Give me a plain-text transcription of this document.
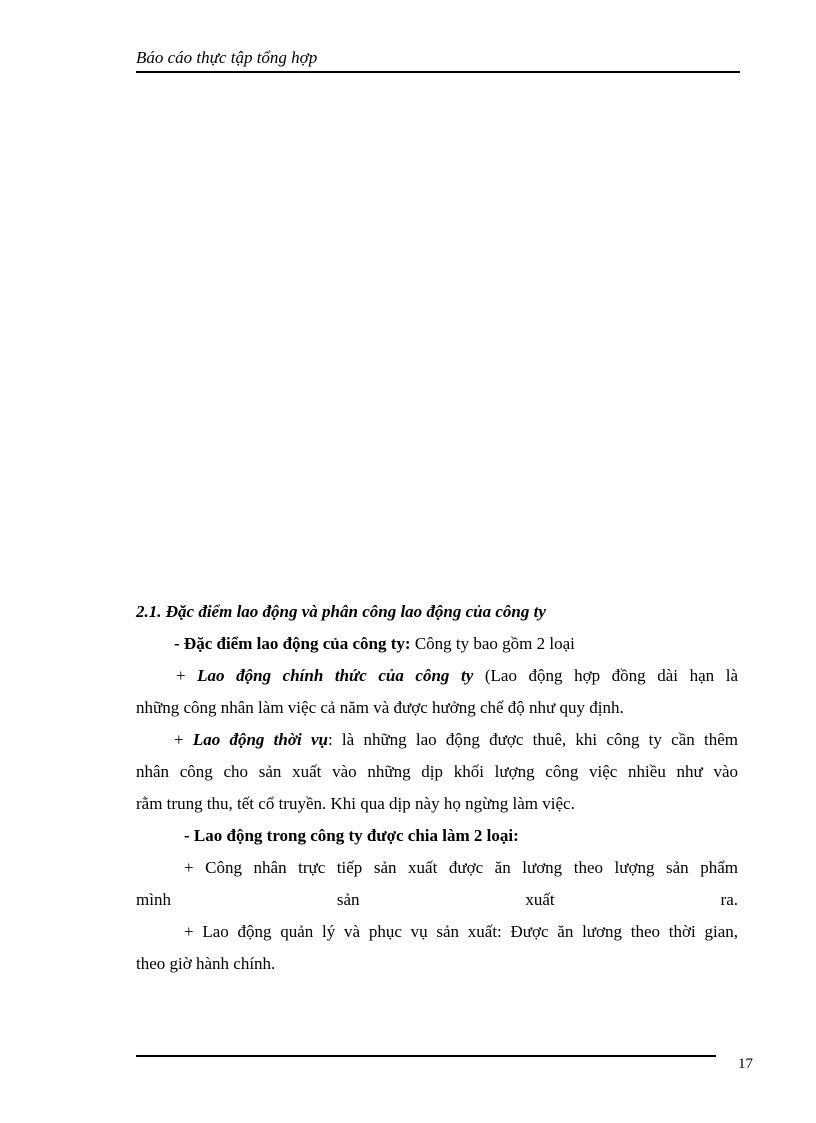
Báo cáo thực tập tổng hợp
2.1. Đặc điểm lao động và phân công lao động của công ty
- Đặc điểm lao động của công ty: Công ty bao gồm 2 loại
+ Lao động chính thức của công ty (Lao động hợp đồng dài hạn là
những công nhân làm việc cả năm và được hưởng chế độ như quy định.
+ Lao động thời vụ: là những lao động được thuê, khi công ty cần thêm
nhân công cho sản xuất vào những dịp khối lượng công việc nhiều như vào
rằm trung thu, tết cổ truyền. Khi qua dịp này họ ngừng làm việc.
- Lao động trong công ty được chia làm 2 loại:
+ Công nhân trực tiếp sản xuất được ăn lương theo lượng sản phẩm
mình sản xuất ra.
+ Lao động quản lý và phục vụ sản xuất: Được ăn lương theo thời gian,
theo giờ hành chính.
17
